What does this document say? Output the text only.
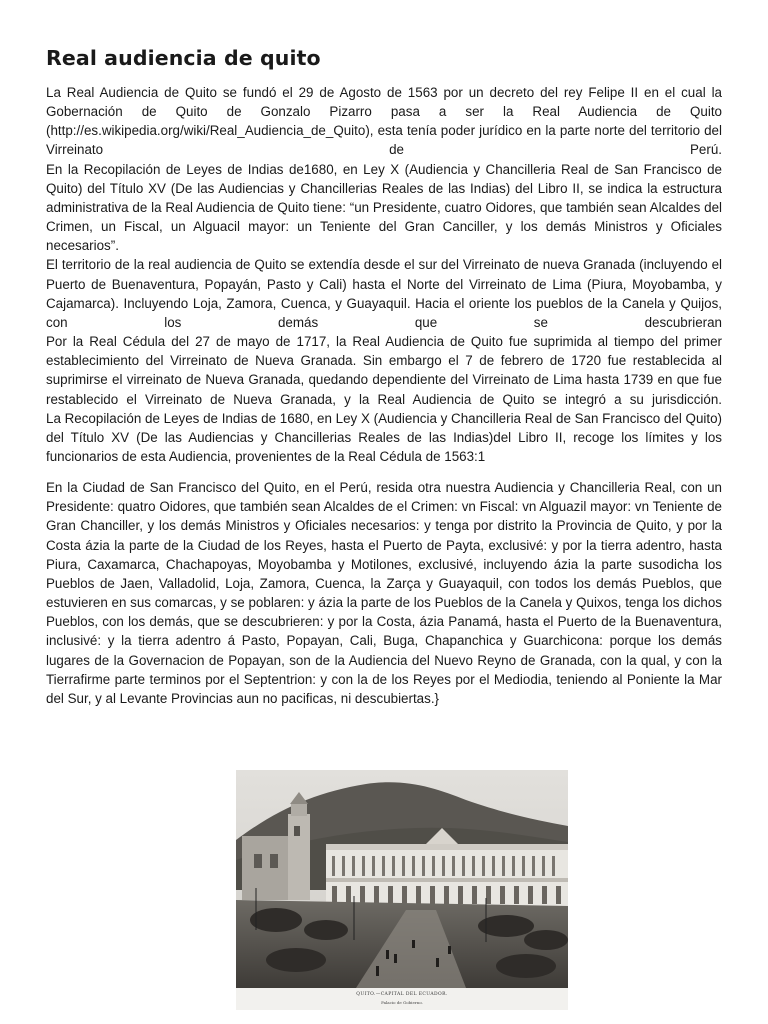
Real audiencia de quito

La Real Audiencia de Quito se fundó el 29 de Agosto de 1563 por un decreto del rey Felipe II en el cual la Gobernación de Quito de Gonzalo Pizarro pasa a ser la Real Audiencia de Quito (http://es.wikipedia.org/wiki/Real_Audiencia_de_Quito), esta tenía poder jurídico en la parte norte del territorio del Virreinato de Perú.

En la Recopilación de Leyes de Indias de1680, en Ley X (Audiencia y Chancilleria Real de San Francisco de Quito) del Título XV (De las Audiencias y Chancillerias Reales de las Indias) del Libro II, se indica la estructura administrativa de la Real Audiencia de Quito tiene: “un Presidente, cuatro Oidores, que también sean Alcaldes del Crimen, un Fiscal, un Alguacil mayor: un Teniente del Gran Canciller, y los demás Ministros y Oficiales necesarios”.

El territorio de la real audiencia de Quito se extendía desde el sur del Virreinato de nueva Granada (incluyendo el Puerto de Buenaventura, Popayán, Pasto y Cali) hasta el Norte del Virreinato de Lima (Piura, Moyobamba, y Cajamarca). Incluyendo Loja, Zamora, Cuenca, y Guayaquil. Hacia el oriente los pueblos de la Canela y Quijos, con los demás que se descubrieran

Por la Real Cédula del 27 de mayo de 1717, la Real Audiencia de Quito fue suprimida al tiempo del primer establecimiento del Virreinato de Nueva Granada. Sin embargo el 7 de febrero de 1720 fue restablecida al suprimirse el virreinato de Nueva Granada, quedando dependiente del Virreinato de Lima hasta 1739 en que fue restablecido el Virreinato de Nueva Granada, y la Real Audiencia de Quito se integró a su jurisdicción.

La Recopilación de Leyes de Indias de 1680, en Ley X (Audiencia y Chancilleria Real de San Francisco del Quito) del Título XV (De las Audiencias y Chancillerias Reales de las Indias)del Libro II, recoge los límites y los funcionarios de esta Audiencia, provenientes de la Real Cédula de 1563:1

En la Ciudad de San Francisco del Quito, en el Perú, resida otra nuestra Audiencia y Chancilleria Real, con un Presidente: quatro Oidores, que también sean Alcaldes de el Crimen: vn Fiscal: vn Alguazil mayor: vn Teniente de Gran Chanciller, y los demás Ministros y Oficiales necesarios: y tenga por distrito la Provincia de Quito, y por la Costa ázia la parte de la Ciudad de los Reyes, hasta el Puerto de Payta, exclusivé: y por la tierra adentro, hasta Piura, Caxamarca, Chachapoyas, Moyobamba y Motilones, exclusivé, incluyendo ázia la parte susodicha los Pueblos de Jaen, Valladolid, Loja, Zamora, Cuenca, la Zarça y Guayaquil, con todos los demás Pueblos, que estuvieren en sus comarcas, y se poblaren: y ázia la parte de los Pueblos de la Canela y Quixos, tenga los dichos Pueblos, con los demás, que se descubrieren: y por la Costa, ázia Panamá, hasta el Puerto de la Buenaventura, inclusivé: y la tierra adentro á Pasto, Popayan, Cali, Buga, Chapanchica y Guarchicona: porque los demás lugares de la Governacion de Popayan, son de la Audiencia del Nuevo Reyno de Granada, con la qual, y con la Tierrafirme parte terminos por el Septentrion: y con la de los Reyes por el Mediodia, teniendo al Poniente la Mar del Sur, y al Levante Provincias aun no pacificas, ni descubiertas.}

QUITO.—CAPITAL DEL ECUADOR.
Palacio de Gobierno.
